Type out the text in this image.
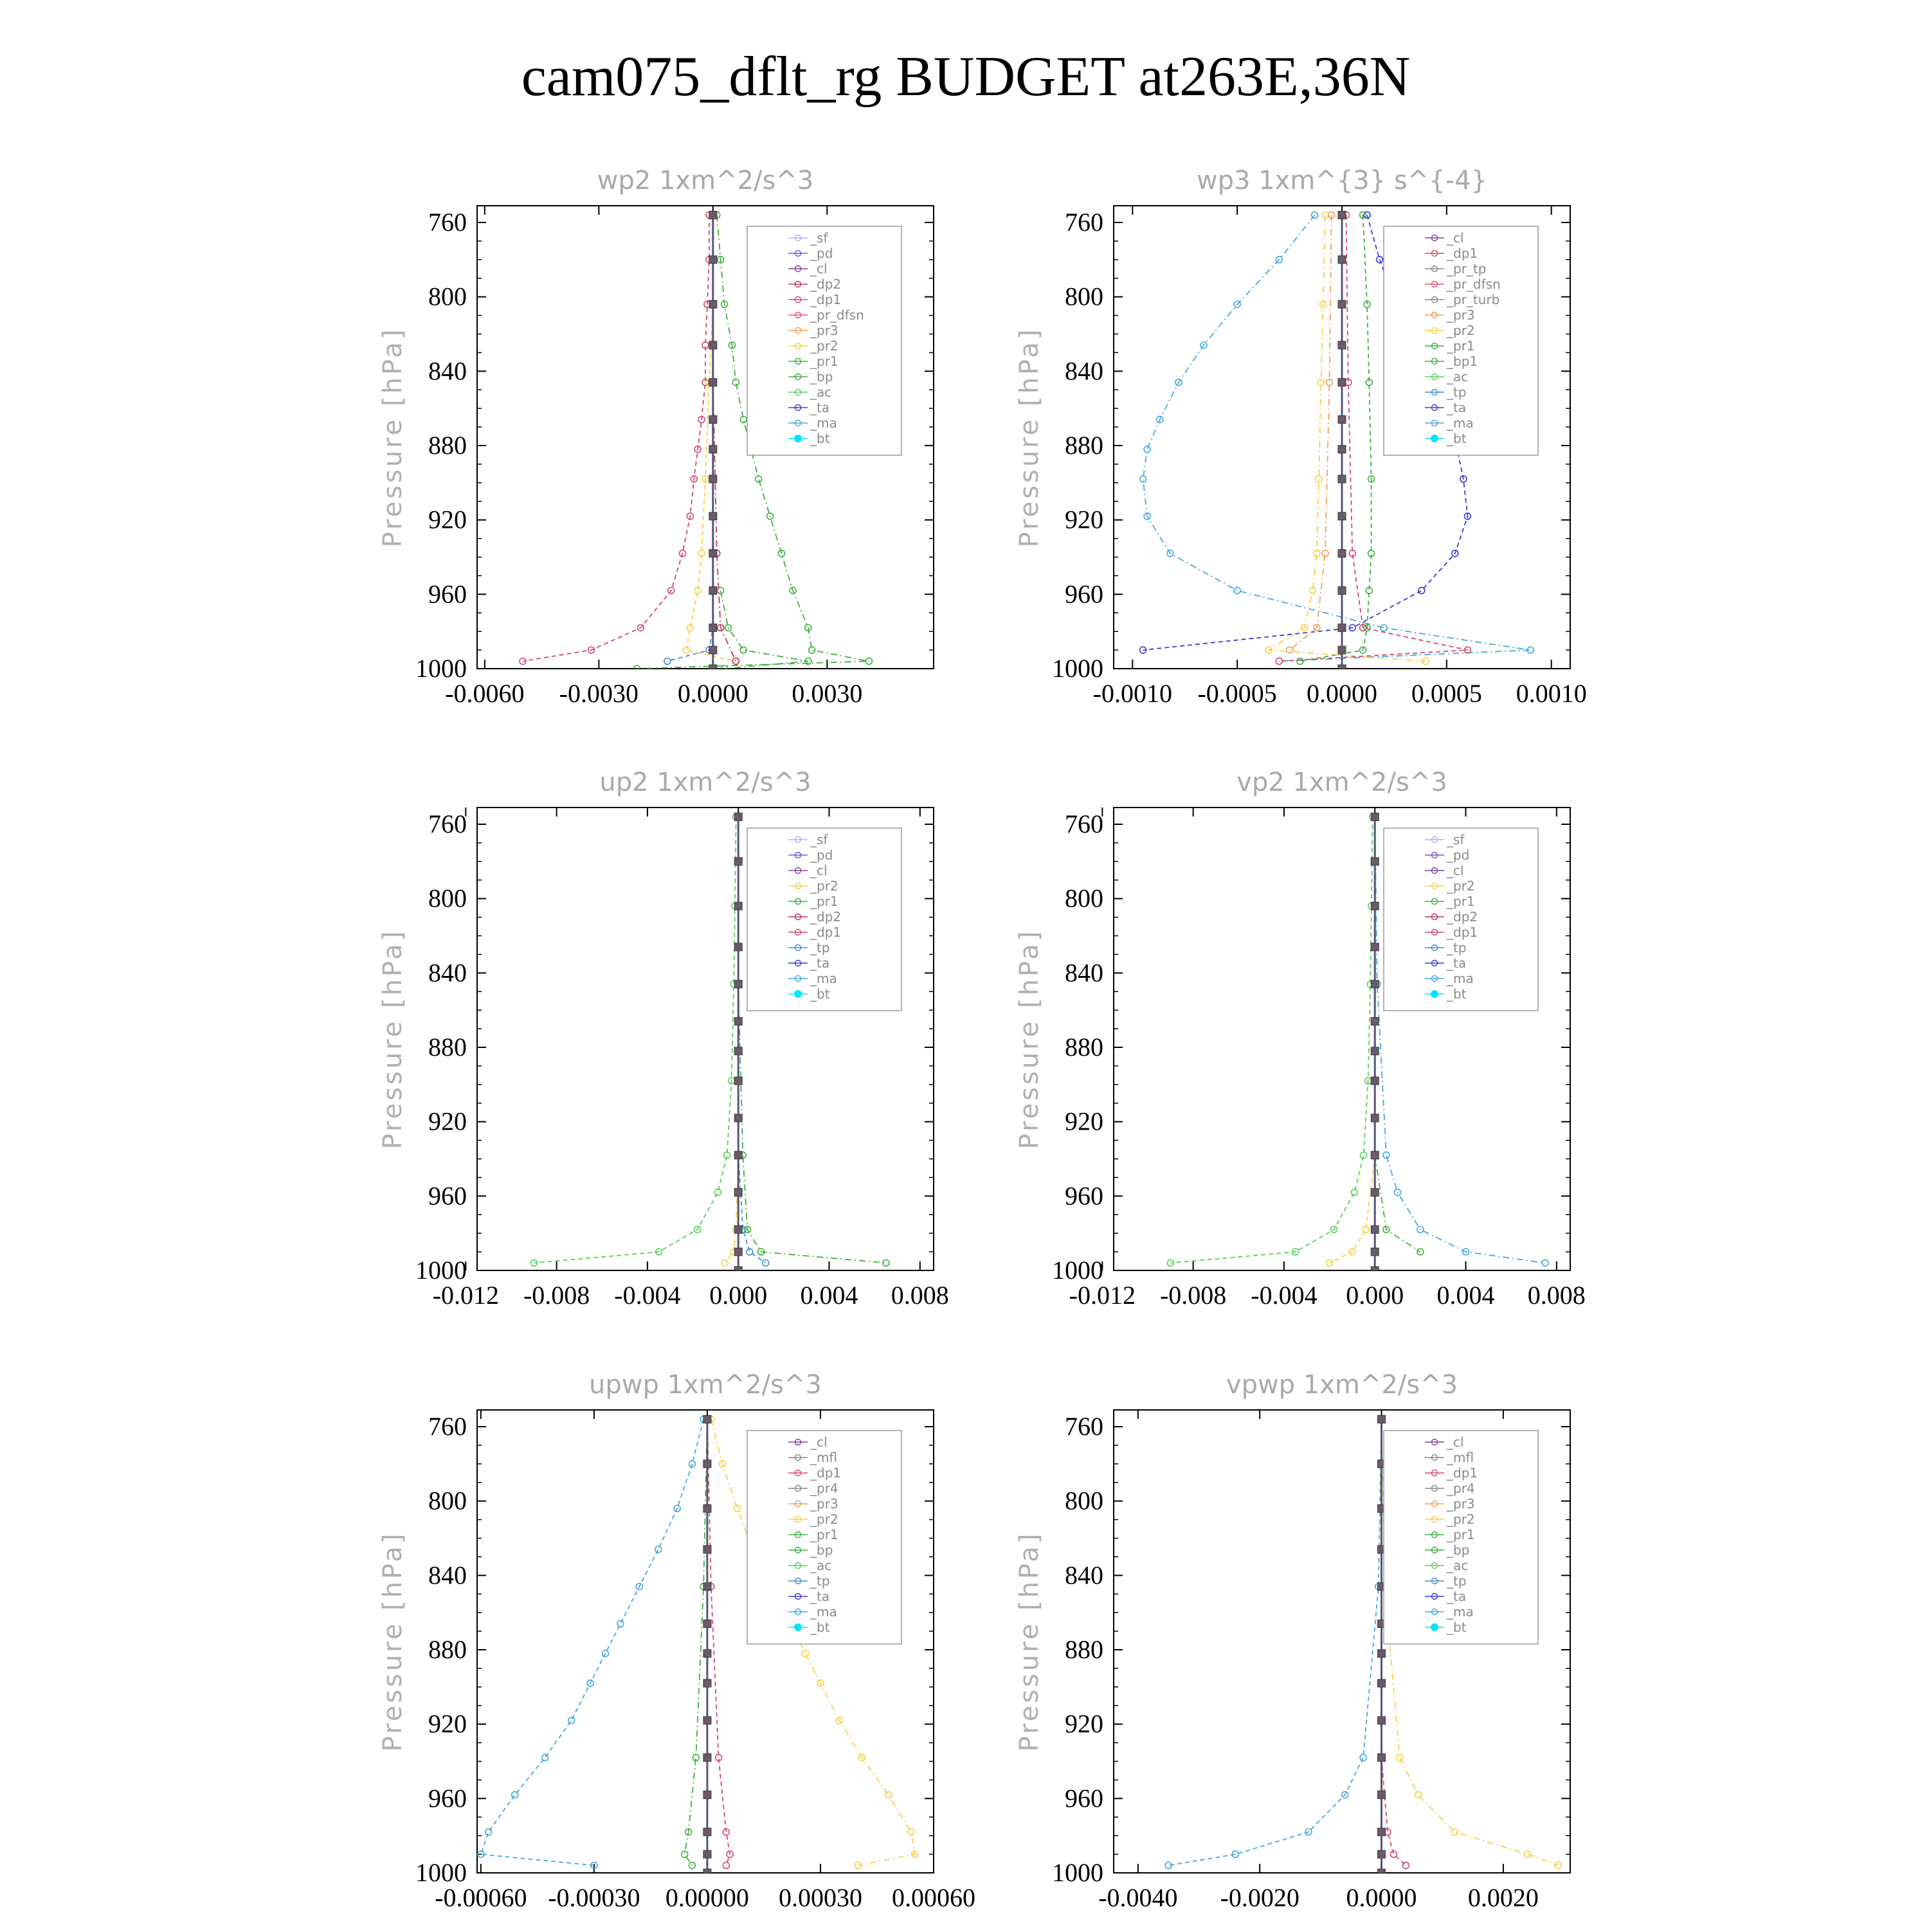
cam075_dflt_rg BUDGET at263E,36N
wp2 1xm^2/s^3
Pressure [hPa]
760
800
840
880
920
960
1000
-0.0060 -0.0030 0.0000 0.0030
_sf
_pd
_cl
_dp2
_dp1
_pr_dfsn
_pr3
_pr2
_pr1
_bp
_ac
_ta
_ma
_bt
wp3 1xm^{3} s^{-4}
Pressure [hPa]
760
800
840
880
920
960
1000
-0.0010 -0.0005 0.0000 0.0005 0.0010
_cl
_dp1
_pr_tp
_pr_dfsn
_pr_turb
_pr3
_pr2
_pr1
_bp1
_ac
_tp
_ta
_ma
_bt
up2 1xm^2/s^3
Pressure [hPa]
760
800
840
880
920
960
1000
-0.012 -0.008 -0.004 0.000 0.004 0.008
_sf
_pd
_cl
_pr2
_pr1
_dp2
_dp1
_tp
_ta
_ma
_bt
vp2 1xm^2/s^3
Pressure [hPa]
760
800
840
880
920
960
1000
-0.012 -0.008 -0.004 0.000 0.004 0.008
_sf
_pd
_cl
_pr2
_pr1
_dp2
_dp1
_tp
_ta
_ma
_bt
upwp 1xm^2/s^3
Pressure [hPa]
760
800
840
880
920
960
1000
-0.00060 -0.00030 0.00000 0.00030 0.00060
_cl
_mfl
_dp1
_pr4
_pr3
_pr2
_pr1
_bp
_ac
_tp
_ta
_ma
_bt
vpwp 1xm^2/s^3
Pressure [hPa]
760
800
840
880
920
960
1000
-0.0040 -0.0020 0.0000 0.0020
_cl
_mfl
_dp1
_pr4
_pr3
_pr2
_pr1
_bp
_ac
_tp
_ta
_ma
_bt
